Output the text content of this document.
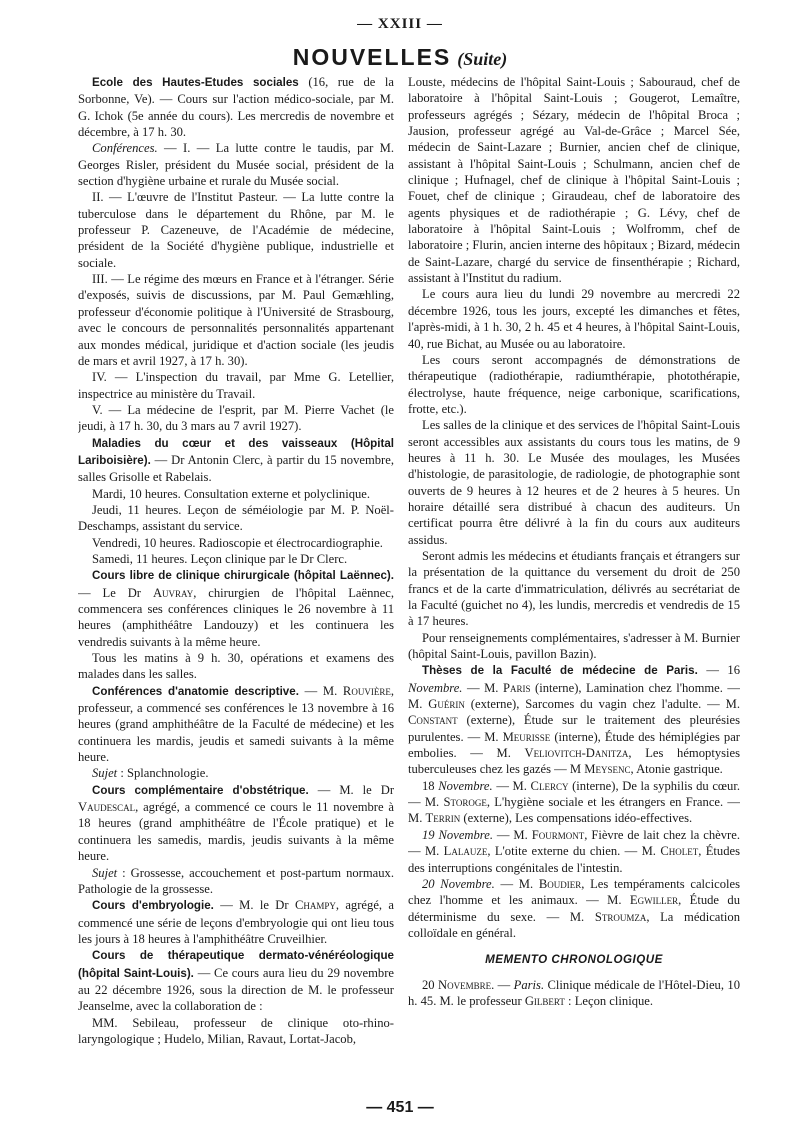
— XXIII —
NOUVELLES (Suite)

Ecole des Hautes-Etudes sociales (16, rue de la Sorbonne, Ve). — Cours sur l'action médico-sociale, par M. G. Ichok (5e année du cours). Les mercredis de novembre et décembre, à 17 h. 30.

Conférences. — I. — La lutte contre le taudis, par M. Georges Risler, président du Musée social, président de la section d'hygiène urbaine et rurale du Musée social.

II. — L'œuvre de l'Institut Pasteur. — La lutte contre la tuberculose dans le département du Rhône, par M. le professeur P. Cazeneuve, de l'Académie de médecine, président de la Société d'hygiène publique, industrielle et sociale.

III. — Le régime des mœurs en France et à l'étranger. Série d'exposés, suivis de discussions, par M. Paul Gemæhling, professeur d'économie politique à l'Université de Strasbourg, avec le concours de personnalités personnalités appartenant aux mondes médical, juridique et d'action sociale (les jeudis de mars et avril 1927, à 17 h. 30).

IV. — L'inspection du travail, par Mme G. Letellier, inspectrice au ministère du Travail.

V. — La médecine de l'esprit, par M. Pierre Vachet (le jeudi, à 17 h. 30, du 3 mars au 7 avril 1927).

Maladies du cœur et des vaisseaux (Hôpital Lariboisière). — Dr Antonin Clerc, à partir du 15 novembre, salles Grisolle et Rabelais.

Mardi, 10 heures. Consultation externe et polyclinique.

Jeudi, 11 heures. Leçon de séméiologie par M. P. Noël-Deschamps, assistant du service.

Vendredi, 10 heures. Radioscopie et électrocardiographie.

Samedi, 11 heures. Leçon clinique par le Dr Clerc.

Cours libre de clinique chirurgicale (hôpital Laënnec). — Le Dr Auvray, chirurgien de l'hôpital Laënnec, commencera ses conférences cliniques le 26 novembre à 11 heures (amphithéâtre Landouzy) et les continuera les vendredis suivants à la même heure.

Tous les matins à 9 h. 30, opérations et examens des malades dans les salles.

Conférences d'anatomie descriptive. — M. Rouvière, professeur, a commencé ses conférences le 13 novembre à 16 heures (grand amphithéâtre de la Faculté de médecine) et les continuera les mardis, jeudis et samedi suivants à la même heure.

Sujet : Splanchnologie.

Cours complémentaire d'obstétrique. — M. le Dr Vaudescal, agrégé, a commencé ce cours le 11 novembre à 18 heures (grand amphithéâtre de l'École pratique) et le continuera les samedis, mardis, jeudis suivants à la même heure.

Sujet : Grossesse, accouchement et post-partum normaux. Pathologie de la grossesse.

Cours d'embryologie. — M. le Dr Champy, agrégé, a commencé une série de leçons d'embryologie qui ont lieu tous les jours à 18 heures à l'amphithéâtre Cruveilhier.

Cours de thérapeutique dermato-vénéréologique (hôpital Saint-Louis). — Ce cours aura lieu du 29 novembre au 22 décembre 1926, sous la direction de M. le professeur Jeanselme, avec la collaboration de :

MM. Sebileau, professeur de clinique oto-rhino-laryngologique ; Hudelo, Milian, Ravaut, Lortat-Jacob,

Louste, médecins de l'hôpital Saint-Louis ; Sabouraud, chef de laboratoire à l'hôpital Saint-Louis ; Gougerot, Lemaître, professeurs agrégés ; Sézary, médecin de l'hôpital Broca ; Jausion, professeur agrégé au Val-de-Grâce ; Marcel Sée, médecin de Saint-Lazare ; Burnier, ancien chef de clinique, assistant à l'hôpital Saint-Louis ; Schulmann, ancien chef de clinique ; Hufnagel, chef de clinique à l'hôpital Saint-Louis ; Fouet, chef de clinique ; Giraudeau, chef de laboratoire des agents physiques et de radiothérapie ; G. Lévy, chef de laboratoire à l'hôpital Saint-Louis ; Wolfromm, chef de laboratoire ; Flurin, ancien interne des hôpitaux ; Bizard, médecin de Saint-Lazare, chargé du service de finsenthérapie ; Richard, assistant à l'Institut du radium.

Le cours aura lieu du lundi 29 novembre au mercredi 22 décembre 1926, tous les jours, excepté les dimanches et fêtes, l'après-midi, à 1 h. 30, 2 h. 45 et 4 heures, à l'hôpital Saint-Louis, 40, rue Bichat, au Musée ou au laboratoire.

Les cours seront accompagnés de démonstrations de thérapeutique (radiothérapie, radiumthérapie, photothérapie, électrolyse, haute fréquence, neige carbonique, scarifications, frotte, etc.).

Les salles de la clinique et des services de l'hôpital Saint-Louis seront accessibles aux assistants du cours tous les matins, de 9 heures à 11 h. 30. Le Musée des moulages, les Musées d'histologie, de parasitologie, de radiologie, de photographie sont ouverts de 9 heures à 12 heures et de 2 heures à 5 heures. Un horaire détaillé sera distribué à chacun des auditeurs. Un certificat pourra être délivré à la fin du cours aux auditeurs assidus.

Seront admis les médecins et étudiants français et étrangers sur la présentation de la quittance du versement du droit de 250 francs et de la carte d'immatriculation, délivrés au secrétariat de la Faculté (guichet no 4), les lundis, mercredis et vendredis de 15 à 17 heures.

Pour renseignements complémentaires, s'adresser à M. Burnier (hôpital Saint-Louis, pavillon Bazin).

Thèses de la Faculté de médecine de Paris. — 16 Novembre. — M. Paris (interne), Lamination chez l'homme. — M. Guérin (externe), Sarcomes du vagin chez l'adulte. — M. Constant (externe), Étude sur le traitement des pleurésies purulentes. — M. Meurisse (interne), Étude des hémiplégies par embolies. — M. Veliovitch-Danitza, Les hémoptysies tuberculeuses chez les gazés — M Meysenc, Atonie gastrique.

18 Novembre. — M. Clercy (interne), De la syphilis du cœur. — M. Storoge, L'hygiène sociale et les étrangers en France. — M. Terrin (externe), Les compensations idéo-effectives.

19 Novembre. — M. Fourmont, Fièvre de lait chez la chèvre. — M. Lalauze, L'otite externe du chien. — M. Cholet, Études des interruptions congénitales de l'intestin.

20 Novembre. — M. Boudier, Les tempéraments calcicoles chez l'homme et les animaux. — M. Egwiller, Étude du déterminisme du sexe. — M. Stroumza, La médication colloïdale en général.

MEMENTO CHRONOLOGIQUE

20 Novembre. — Paris. Clinique médicale de l'Hôtel-Dieu, 10 h. 45. M. le professeur Gilbert : Leçon clinique.

— 451 —
